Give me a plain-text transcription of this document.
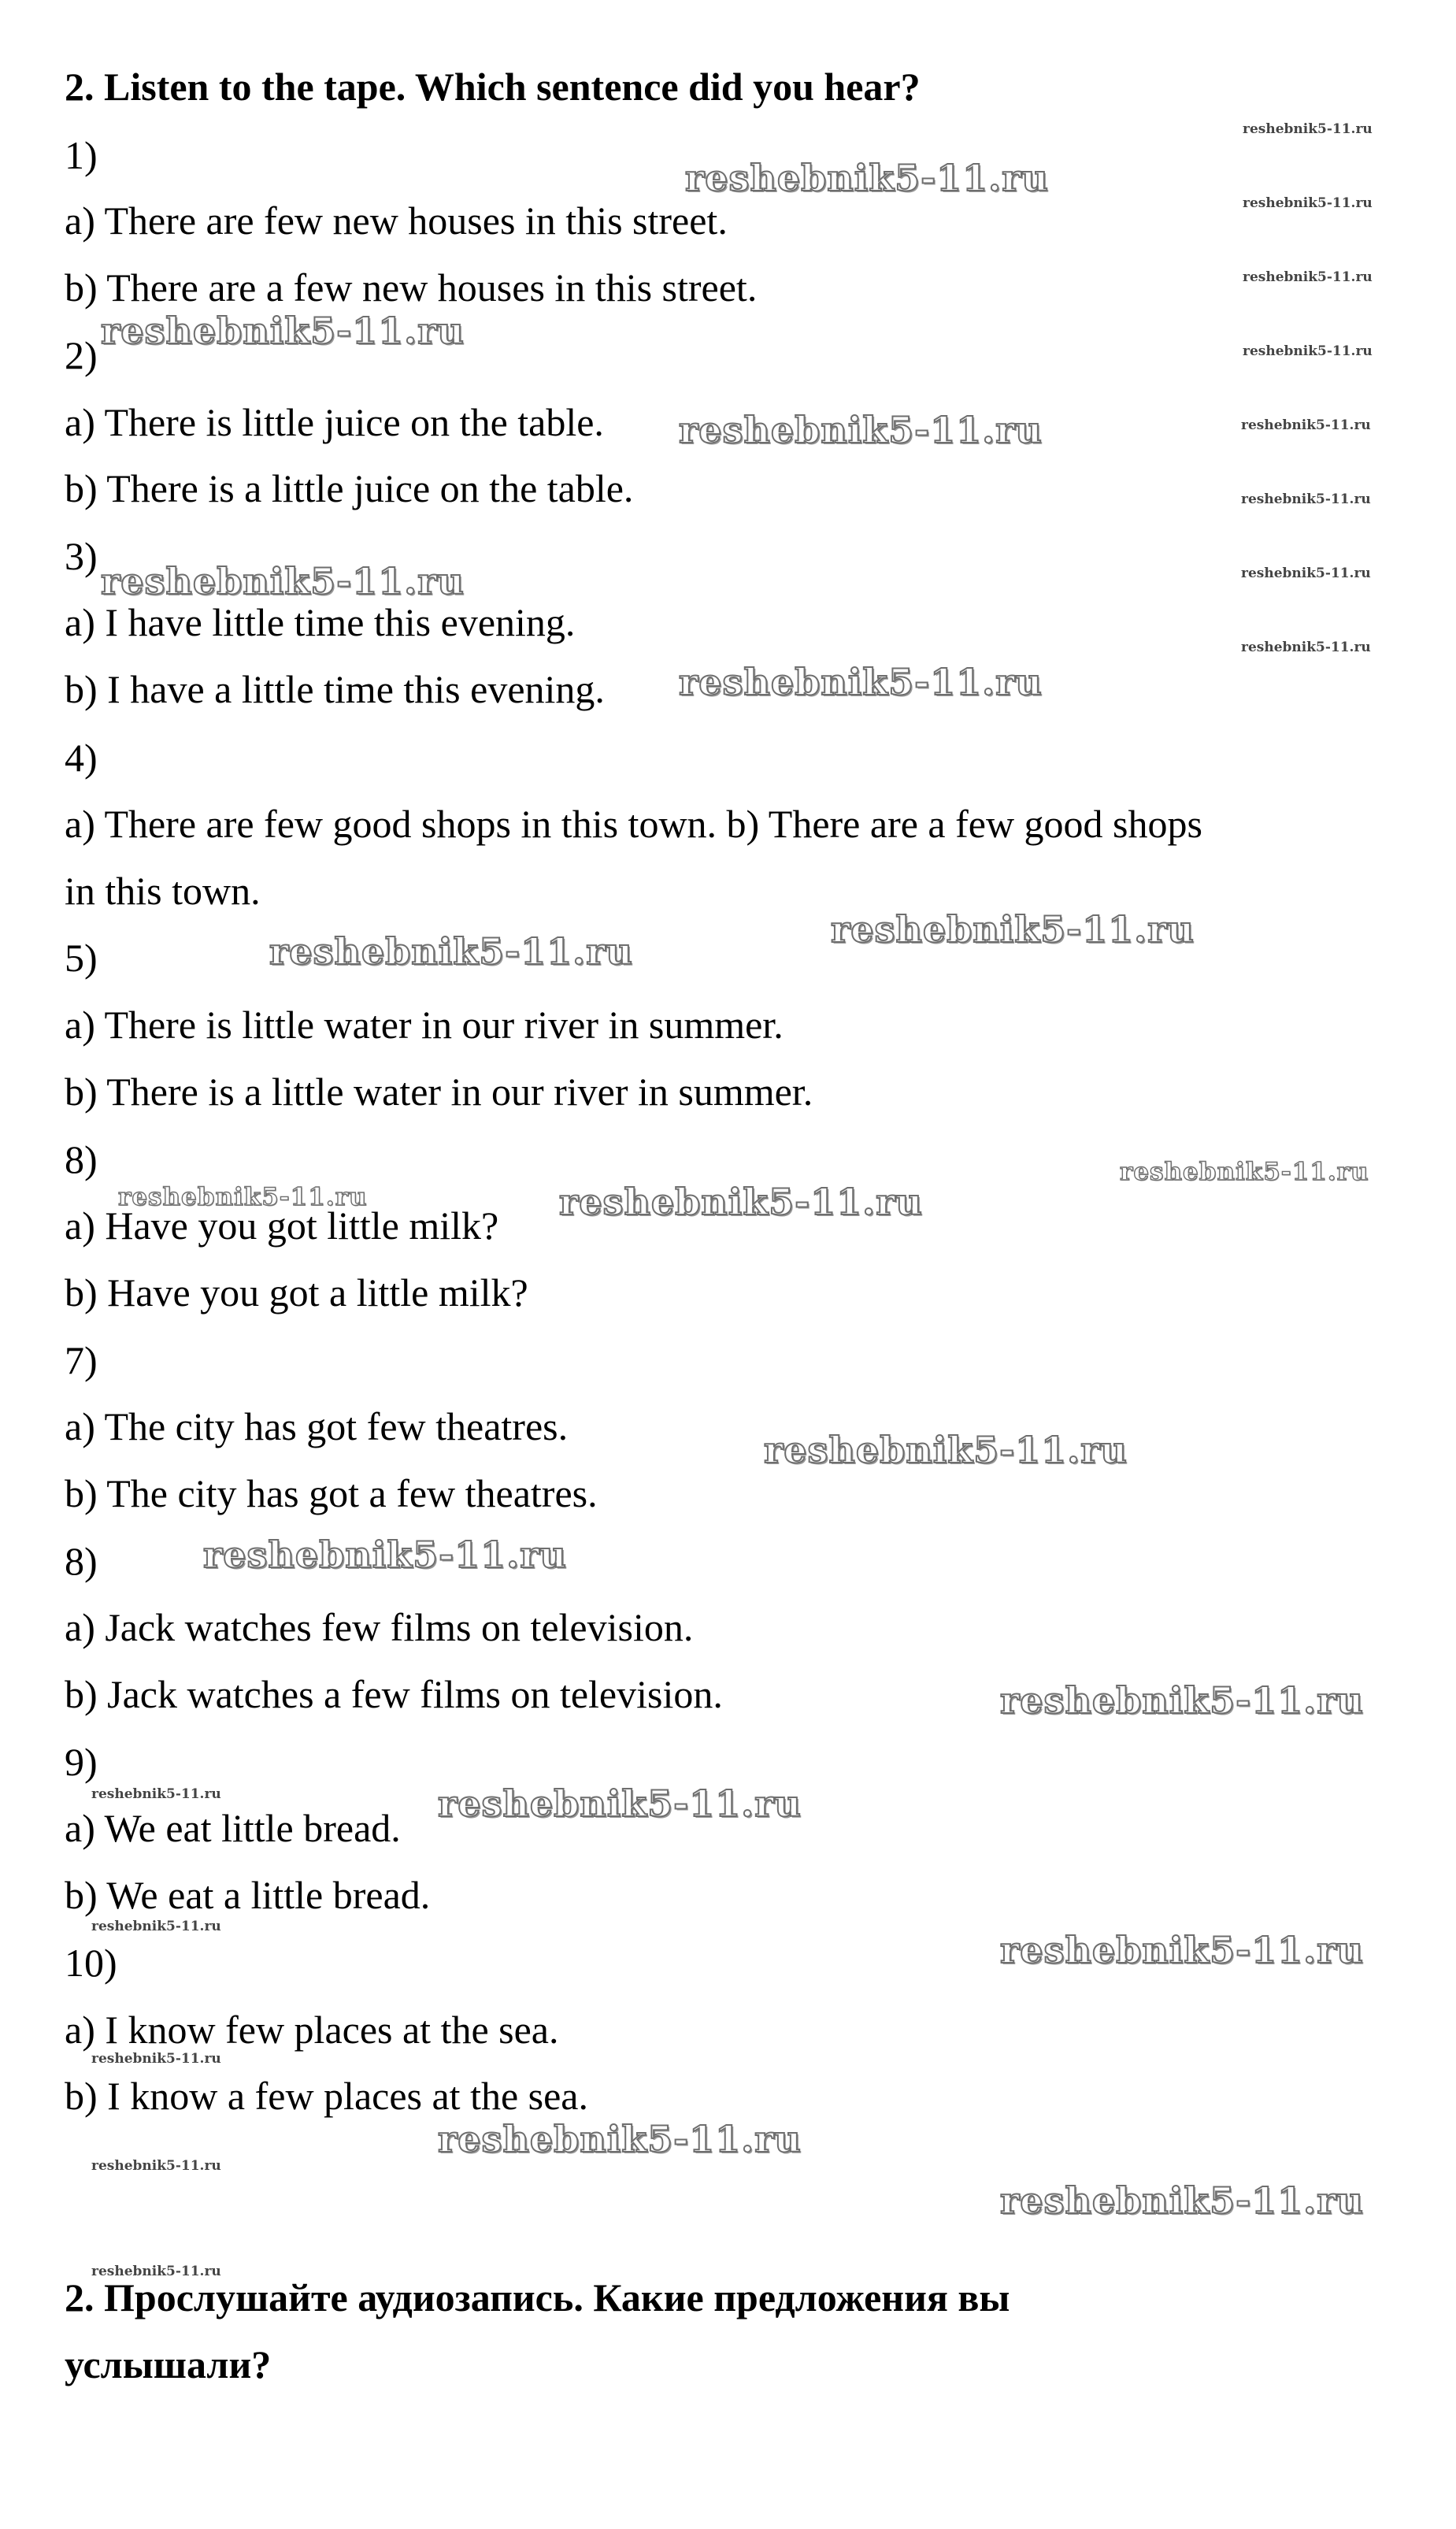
2. Listen to the tape. Which sentence did you hear?
1)
a) There are few new houses in this street.
b) There are a few new houses in this street.
2)
a) There is little juice on the table.
b) There is a little juice on the table.
3)
a) I have little time this evening.
b) I have a little time this evening.
4)
a) There are few good shops in this town. b) There are a few good shops
in this town.
5)
a) There is little water in our river in summer.
b) There is a little water in our river in summer.
8)
a) Have you got little milk?
b) Have you got a little milk?
7)
a) The city has got few theatres.
b) The city has got a few theatres.
8)
a) Jack watches few films on television.
b) Jack watches a few films on television.
9)
a) We eat little bread.
b) We eat a little bread.
10)
a) I know few places at the sea.
b) I know a few places at the sea.
2. Прослушайте аудиозапись. Какие предложения вы
услышали?
reshebnik5-11.ru
reshebnik5-11.ru
reshebnik5-11.ru
reshebnik5-11.ru
reshebnik5-11.ru
reshebnik5-11.ru
reshebnik5-11.ru
reshebnik5-11.ru
reshebnik5-11.ru
reshebnik5-11.ru
reshebnik5-11.ru
reshebnik5-11.ru
reshebnik5-11.ru
reshebnik5-11.ru
reshebnik5-11.ru
reshebnik5-11.ru
reshebnik5-11.ru
reshebnik5-11.ru
reshebnik5-11.ru
reshebnik5-11.ru
reshebnik5-11.ru
reshebnik5-11.ru
reshebnik5-11.ru
reshebnik5-11.ru
reshebnik5-11.ru
reshebnik5-11.ru
reshebnik5-11.ru
reshebnik5-11.ru
reshebnik5-11.ru
reshebnik5-11.ru
